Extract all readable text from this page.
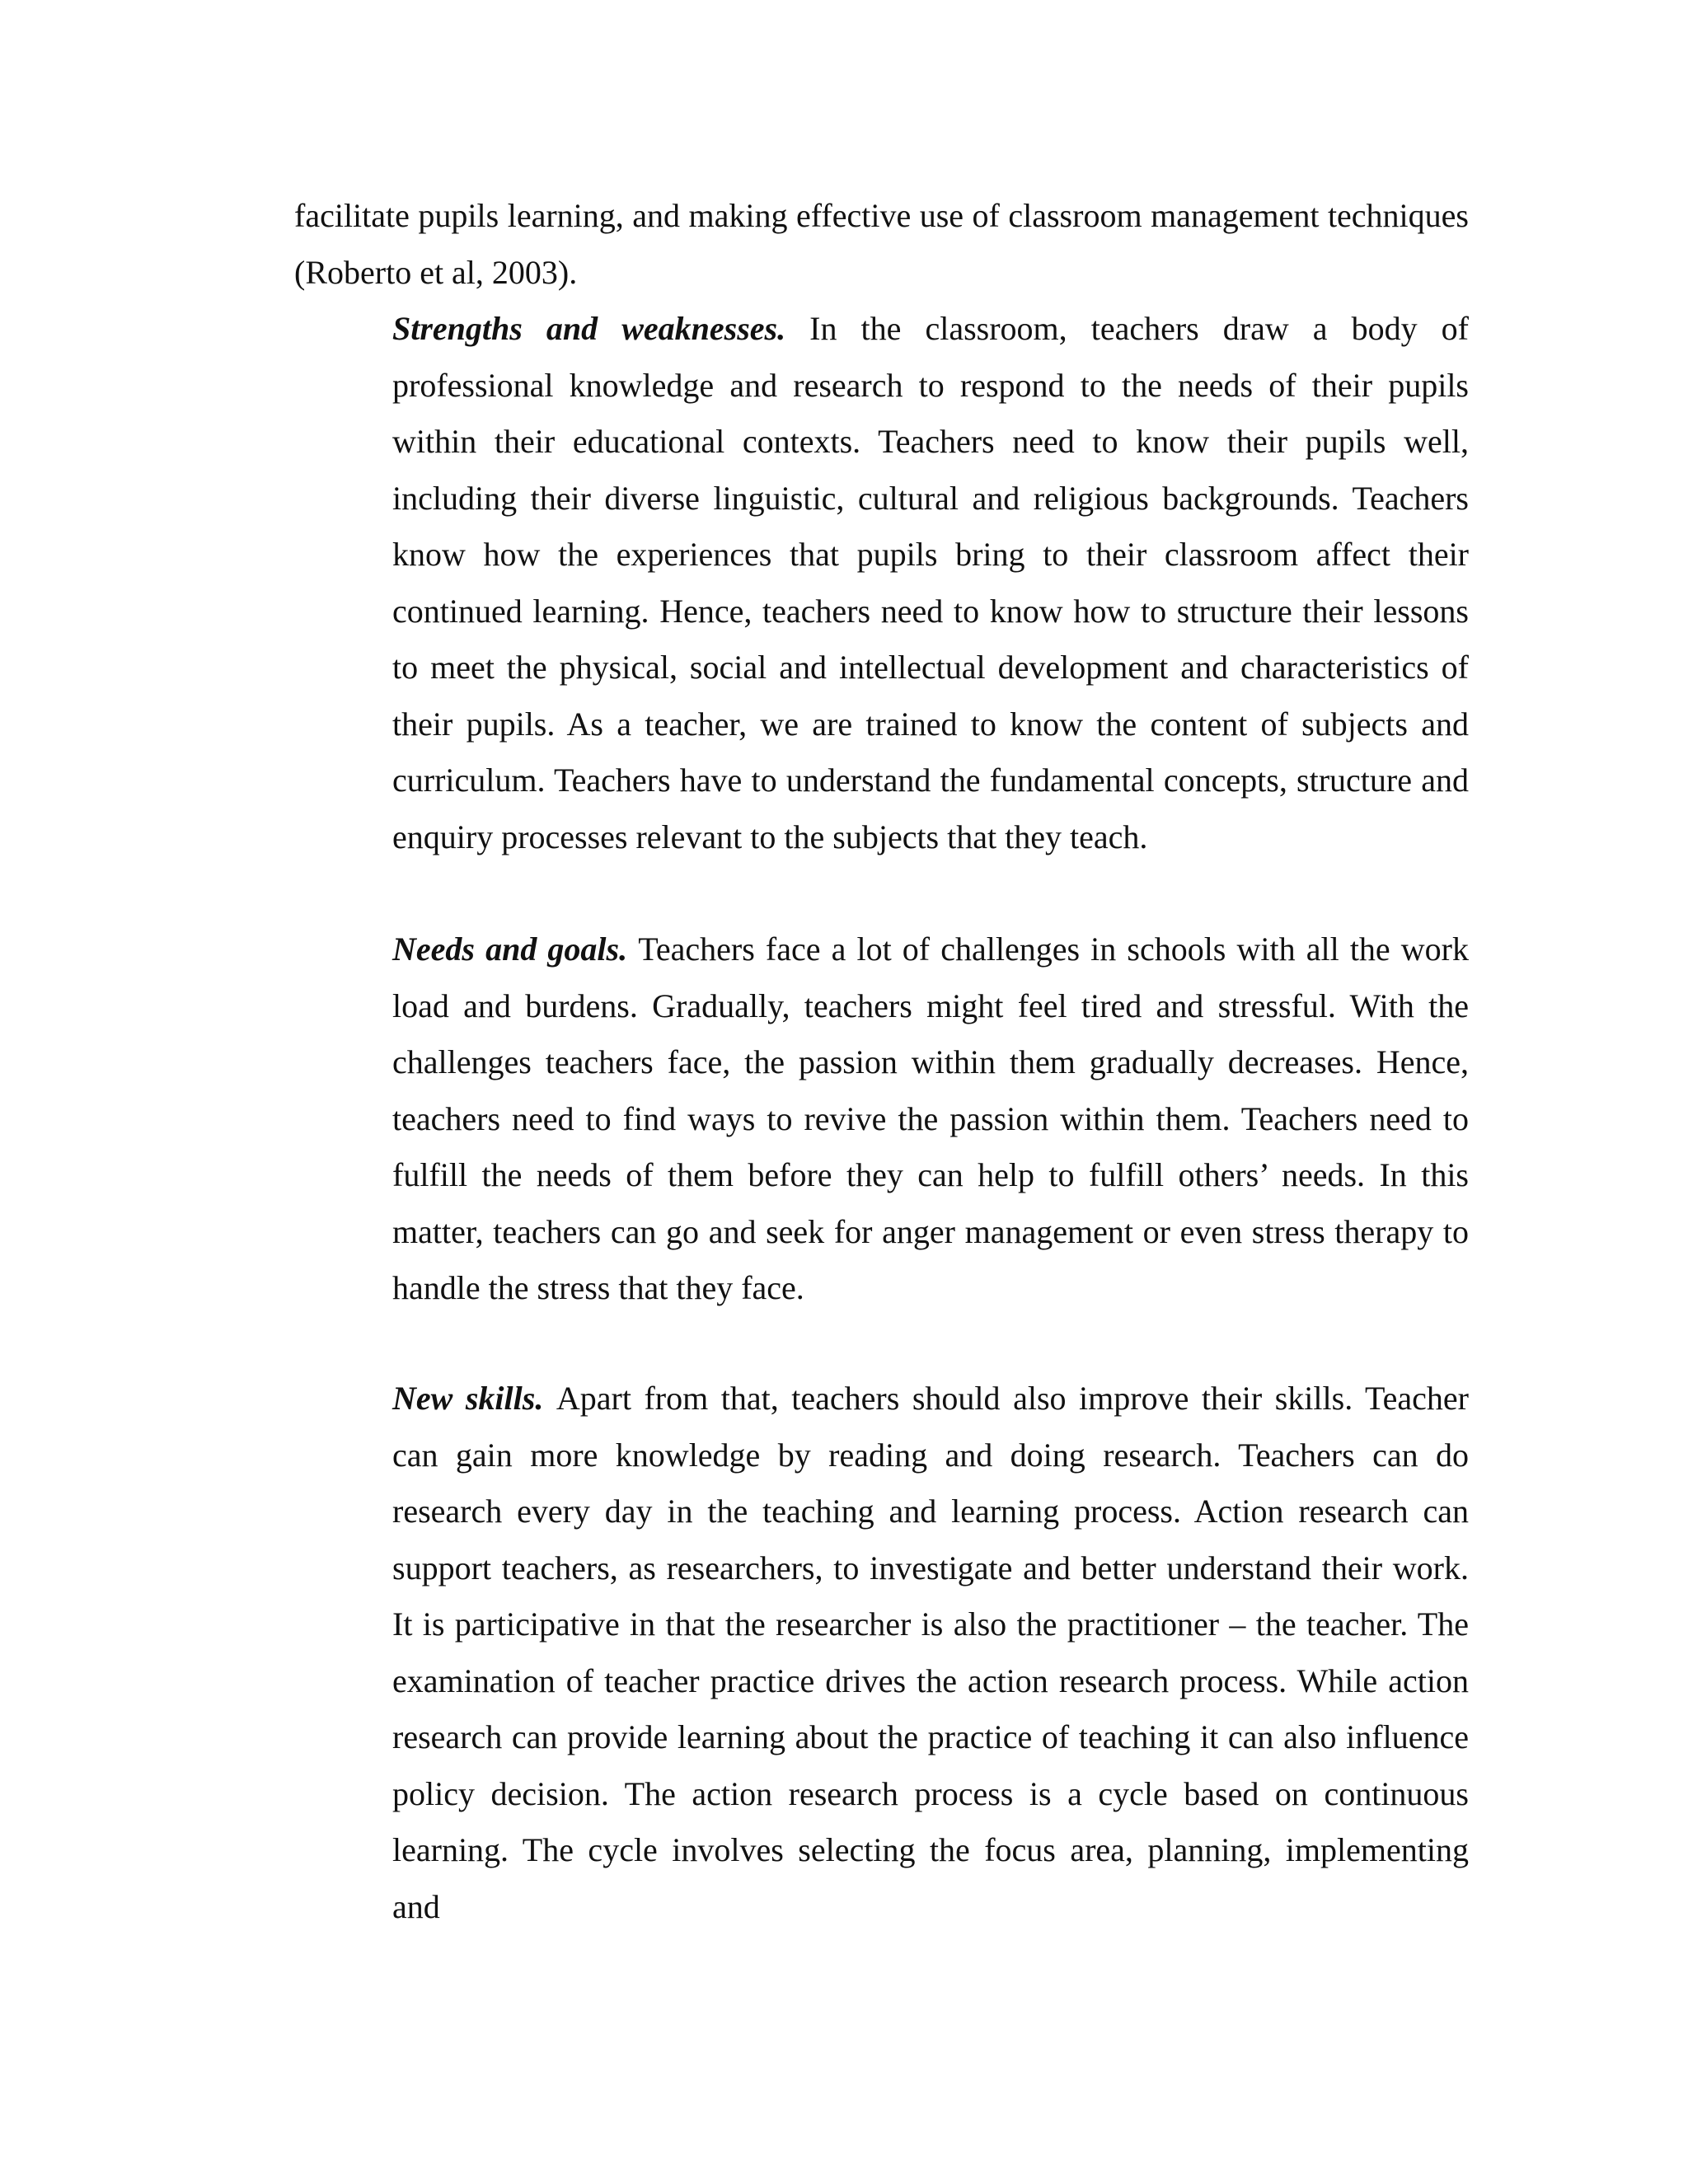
facilitate pupils learning, and making effective use of classroom management techniques (Roberto et al, 2003).

Strengths and weaknesses. In the classroom, teachers draw a body of professional knowledge and research to respond to the needs of their pupils within their educational contexts. Teachers need to know their pupils well, including their diverse linguistic, cultural and religious backgrounds. Teachers know how the experiences that pupils bring to their classroom affect their continued learning. Hence, teachers need to know how to structure their lessons to meet the physical, social and intellectual development and characteristics of their pupils. As a teacher, we are trained to know the content of subjects and curriculum. Teachers have to understand the fundamental concepts, structure and enquiry processes relevant to the subjects that they teach.

Needs and goals. Teachers face a lot of challenges in schools with all the work load and burdens. Gradually, teachers might feel tired and stressful. With the challenges teachers face, the passion within them gradually decreases. Hence, teachers need to find ways to revive the passion within them. Teachers need to fulfill the needs of them before they can help to fulfill others’ needs. In this matter, teachers can go and seek for anger management or even stress therapy to handle the stress that they face.

New skills. Apart from that, teachers should also improve their skills. Teacher can gain more knowledge by reading and doing research. Teachers can do research every day in the teaching and learning process. Action research can support teachers, as researchers, to investigate and better understand their work. It is participative in that the researcher is also the practitioner – the teacher. The examination of teacher practice drives the action research process. While action research can provide learning about the practice of teaching it can also influence policy decision. The action research process is a cycle based on continuous learning. The cycle involves selecting the focus area, planning, implementing and
